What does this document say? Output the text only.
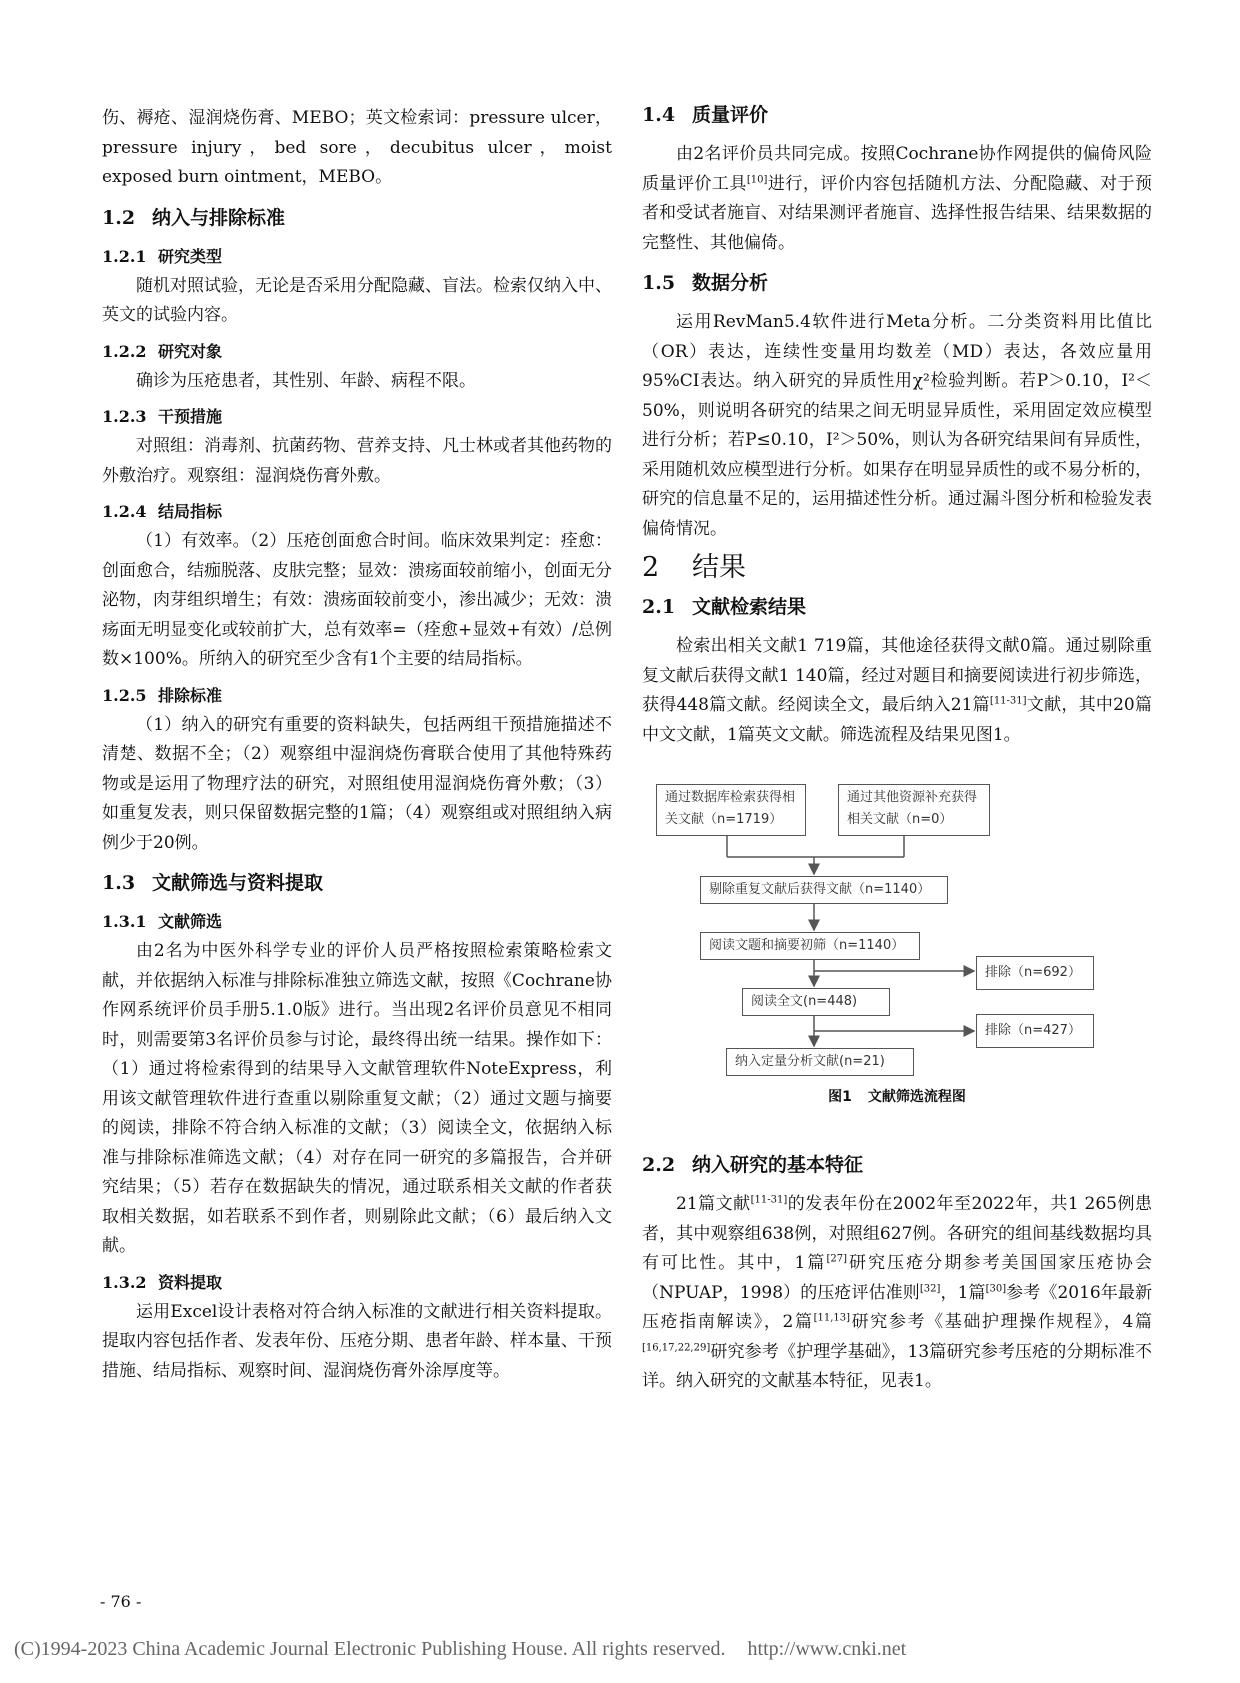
伤、褥疮、湿润烧伤膏、MEBO；英文检索词：pressure ulcer，pressure injury，bed sore，decubitus ulcer，moist exposed burn ointment，MEBO。

1.2 纳入与排除标准
1.2.1 研究类型

随机对照试验，无论是否采用分配隐藏、盲法。检索仅纳入中、英文的试验内容。

1.2.2 研究对象

确诊为压疮患者，其性别、年龄、病程不限。

1.2.3 干预措施

对照组：消毒剂、抗菌药物、营养支持、凡士林或者其他药物的外敷治疗。观察组：湿润烧伤膏外敷。

1.2.4 结局指标

（1）有效率。（2）压疮创面愈合时间。临床效果判定：痊愈：创面愈合，结痂脱落、皮肤完整；显效：溃疡面较前缩小，创面无分泌物，肉芽组织增生；有效：溃疡面较前变小，渗出减少；无效：溃疡面无明显变化或较前扩大，总有效率=（痊愈+显效+有效）/总例数×100%。所纳入的研究至少含有1个主要的结局指标。

1.2.5 排除标准

（1）纳入的研究有重要的资料缺失，包括两组干预措施描述不清楚、数据不全；（2）观察组中湿润烧伤膏联合使用了其他特殊药物或是运用了物理疗法的研究，对照组使用湿润烧伤膏外敷；（3）如重复发表，则只保留数据完整的1篇；（4）观察组或对照组纳入病例少于20例。

1.3 文献筛选与资料提取
1.3.1 文献筛选

由2名为中医外科学专业的评价人员严格按照检索策略检索文献，并依据纳入标准与排除标准独立筛选文献，按照《Cochrane协作网系统评价员手册5.1.0版》进行。当出现2名评价员意见不相同时，则需要第3名评价员参与讨论，最终得出统一结果。操作如下：（1）通过将检索得到的结果导入文献管理软件NoteExpress，利用该文献管理软件进行查重以剔除重复文献；（2）通过文题与摘要的阅读，排除不符合纳入标准的文献；（3）阅读全文，依据纳入标准与排除标准筛选文献；（4）对存在同一研究的多篇报告，合并研究结果；（5）若存在数据缺失的情况，通过联系相关文献的作者获取相关数据，如若联系不到作者，则剔除此文献；（6）最后纳入文献。

1.3.2 资料提取

运用Excel设计表格对符合纳入标准的文献进行相关资料提取。提取内容包括作者、发表年份、压疮分期、患者年龄、样本量、干预措施、结局指标、观察时间、湿润烧伤膏外涂厚度等。

1.4 质量评价

由2名评价员共同完成。按照Cochrane协作网提供的偏倚风险质量评价工具[10]进行，评价内容包括随机方法、分配隐藏、对于预者和受试者施盲、对结果测评者施盲、选择性报告结果、结果数据的完整性、其他偏倚。

1.5 数据分析

运用RevMan5.4软件进行Meta分析。二分类资料用比值比（OR）表达，连续性变量用均数差（MD）表达，各效应量用95%CI表达。纳入研究的异质性用χ²检验判断。若P＞0.10，I²＜50%，则说明各研究的结果之间无明显异质性，采用固定效应模型进行分析；若P≤0.10，I²＞50%，则认为各研究结果间有异质性，采用随机效应模型进行分析。如果存在明显异质性的或不易分析的，研究的信息量不足的，运用描述性分析。通过漏斗图分析和检验发表偏倚情况。

2 结果
2.1 文献检索结果

检索出相关文献1 719篇，其他途径获得文献0篇。通过剔除重复文献后获得文献1 140篇，经过对题目和摘要阅读进行初步筛选，获得448篇文献。经阅读全文，最后纳入21篇[11-31]文献，其中20篇中文文献，1篇英文文献。筛选流程及结果见图1。

通过数据库检索获得相关文献（n=1719）
通过其他资源补充获得相关文献（n=0）
剔除重复文献后获得文献（n=1140）
阅读文题和摘要初筛（n=1140）
排除（n=692）
阅读全文(n=448)
排除（n=427）
纳入定量分析文献(n=21)
图1 文献筛选流程图
2.2 纳入研究的基本特征

21篇文献[11-31]的发表年份在2002年至2022年，共1 265例患者，其中观察组638例，对照组627例。各研究的组间基线数据均具有可比性。其中，1篇[27]研究压疮分期参考美国国家压疮协会（NPUAP，1998）的压疮评估准则[32]，1篇[30]参考《2016年最新压疮指南解读》，2篇[11,13]研究参考《基础护理操作规程》，4篇[16,17,22,29]研究参考《护理学基础》，13篇研究参考压疮的分期标准不详。纳入研究的文献基本特征，见表1。

- 76 -
(C)1994-2023 China Academic Journal Electronic Publishing House. All rights reserved. http://www.cnki.net
